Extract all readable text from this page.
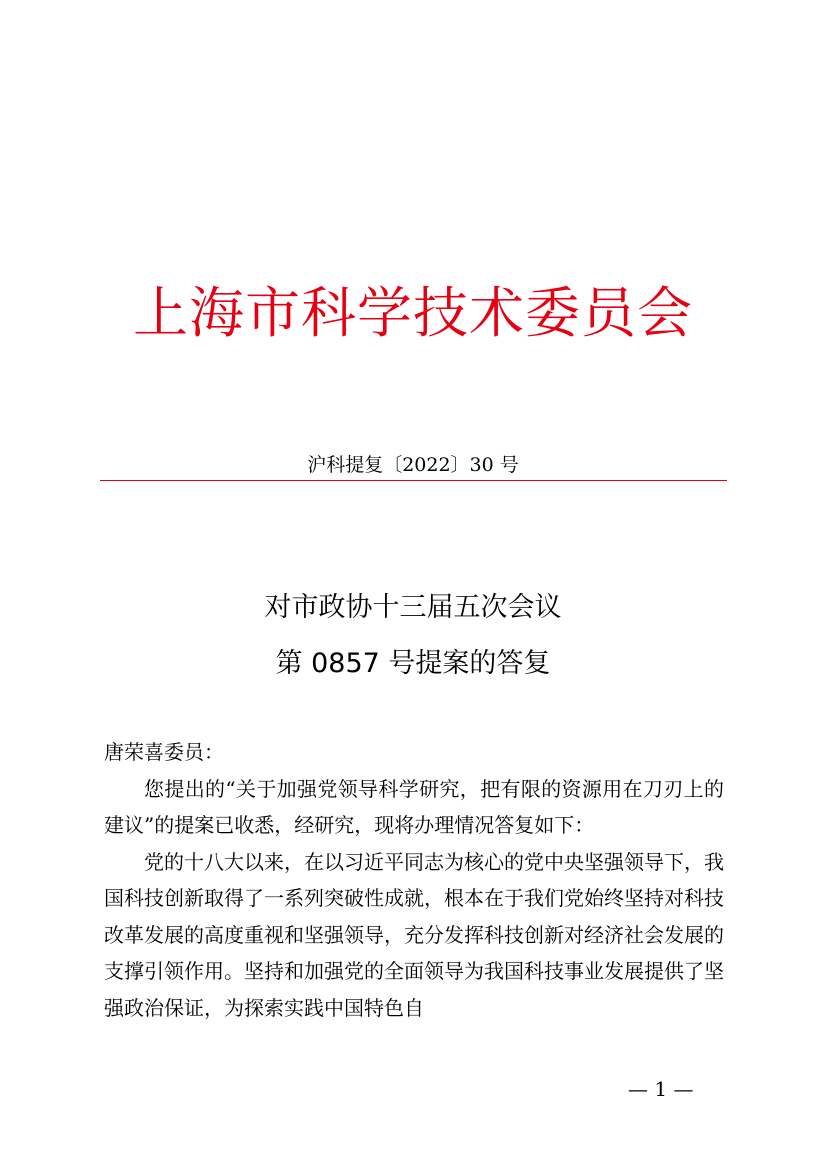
上海市科学技术委员会
沪科提复〔2022〕30 号
对市政协十三届五次会议
第 0857 号提案的答复

唐荣喜委员：

您提出的“关于加强党领导科学研究，把有限的资源用在刀刃上的建议”的提案已收悉，经研究，现将办理情况答复如下：

党的十八大以来，在以习近平同志为核心的党中央坚强领导下，我国科技创新取得了一系列突破性成就，根本在于我们党始终坚持对科技改革发展的高度重视和坚强领导，充分发挥科技创新对经济社会发展的支撑引领作用。坚持和加强党的全面领导为我国科技事业发展提供了坚强政治保证，为探索实践中国特色自

— 1 —
